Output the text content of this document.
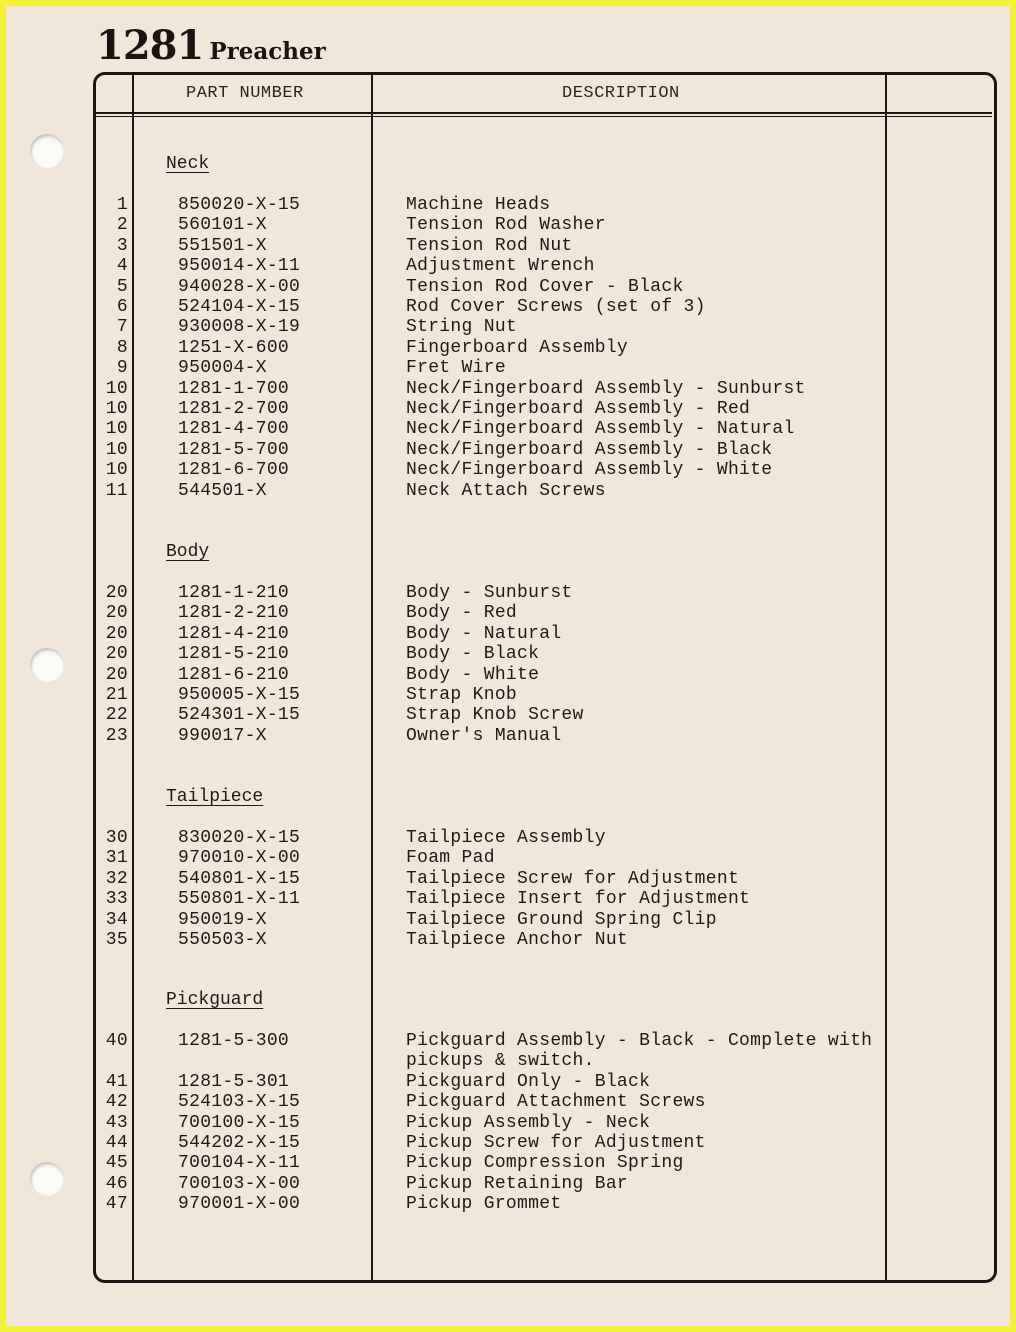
1281 Preacher
PART NUMBER	DESCRIPTION
Neck
1	850020-X-15	Machine Heads
2	560101-X	Tension Rod Washer
3	551501-X	Tension Rod Nut
4	950014-X-11	Adjustment Wrench
5	940028-X-00	Tension Rod Cover - Black
6	524104-X-15	Rod Cover Screws (set of 3)
7	930008-X-19	String Nut
8	1251-X-600	Fingerboard Assembly
9	950004-X	Fret Wire
10	1281-1-700	Neck/Fingerboard Assembly - Sunburst
10	1281-2-700	Neck/Fingerboard Assembly - Red
10	1281-4-700	Neck/Fingerboard Assembly - Natural
10	1281-5-700	Neck/Fingerboard Assembly - Black
10	1281-6-700	Neck/Fingerboard Assembly - White
11	544501-X	Neck Attach Screws
Body
20	1281-1-210	Body - Sunburst
20	1281-2-210	Body - Red
20	1281-4-210	Body - Natural
20	1281-5-210	Body - Black
20	1281-6-210	Body - White
21	950005-X-15	Strap Knob
22	524301-X-15	Strap Knob Screw
23	990017-X	Owner's Manual
Tailpiece
30	830020-X-15	Tailpiece Assembly
31	970010-X-00	Foam Pad
32	540801-X-15	Tailpiece Screw for Adjustment
33	550801-X-11	Tailpiece Insert for Adjustment
34	950019-X	Tailpiece Ground Spring Clip
35	550503-X	Tailpiece Anchor Nut
Pickguard
40	1281-5-300	Pickguard Assembly - Black - Complete with
pickups & switch.
41	1281-5-301	Pickguard Only - Black
42	524103-X-15	Pickguard Attachment Screws
43	700100-X-15	Pickup Assembly - Neck
44	544202-X-15	Pickup Screw for Adjustment
45	700104-X-11	Pickup Compression Spring
46	700103-X-00	Pickup Retaining Bar
47	970001-X-00	Pickup Grommet
